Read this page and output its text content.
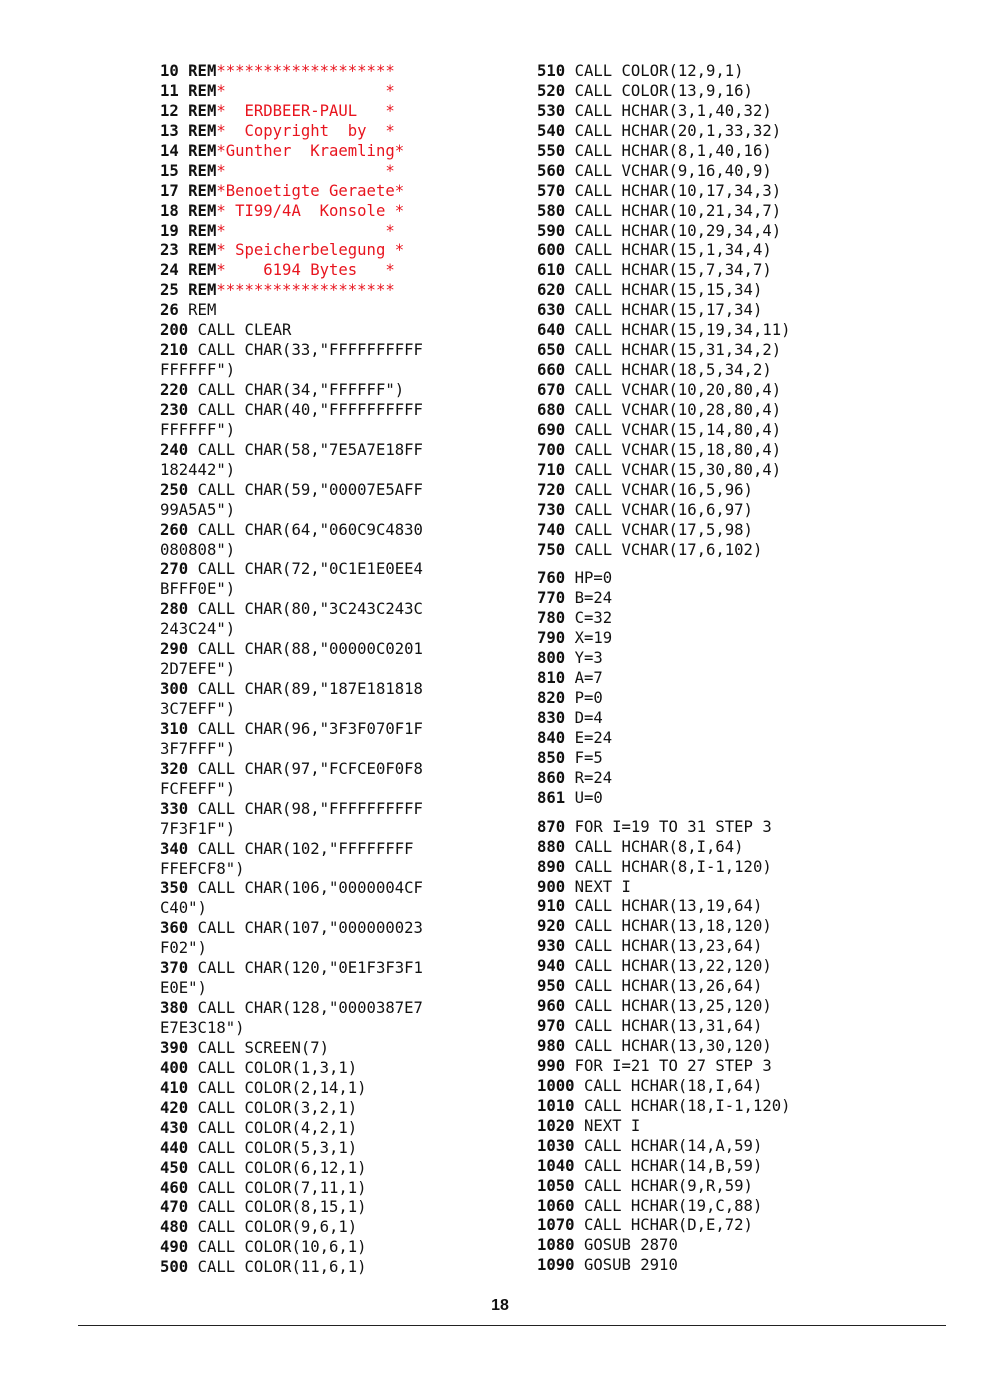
10 REM*******************
11 REM*                 *
12 REM*  ERDBEER-PAUL   *
13 REM*  Copyright  by  *
14 REM*Gunther  Kraemling*
15 REM*                 *
17 REM*Benoetigte Geraete*
18 REM* TI99/4A  Konsole *
19 REM*                 *
23 REM* Speicherbelegung *
24 REM*    6194 Bytes   *
25 REM*******************
26 REM
200 CALL CLEAR
210 CALL CHAR(33,"FFFFFFFFFF
FFFFFF")
220 CALL CHAR(34,"FFFFFF")
230 CALL CHAR(40,"FFFFFFFFFF
FFFFFF")
240 CALL CHAR(58,"7E5A7E18FF
182442")
250 CALL CHAR(59,"00007E5AFF
99A5A5")
260 CALL CHAR(64,"060C9C4830
080808")
270 CALL CHAR(72,"0C1E1E0EE4
BFFF0E")
280 CALL CHAR(80,"3C243C243C
243C24")
290 CALL CHAR(88,"00000C0201
2D7EFE")
300 CALL CHAR(89,"187E181818
3C7EFF")
310 CALL CHAR(96,"3F3F070F1F
3F7FFF")
320 CALL CHAR(97,"FCFCE0F0F8
FCFEFF")
330 CALL CHAR(98,"FFFFFFFFFF
7F3F1F")
340 CALL CHAR(102,"FFFFFFFF
FFEFCF8")
350 CALL CHAR(106,"0000004CF
C40")
360 CALL CHAR(107,"000000023
F02")
370 CALL CHAR(120,"0E1F3F3F1
E0E")
380 CALL CHAR(128,"0000387E7
E7E3C18")
390 CALL SCREEN(7)
400 CALL COLOR(1,3,1)
410 CALL COLOR(2,14,1)
420 CALL COLOR(3,2,1)
430 CALL COLOR(4,2,1)
440 CALL COLOR(5,3,1)
450 CALL COLOR(6,12,1)
460 CALL COLOR(7,11,1)
470 CALL COLOR(8,15,1)
480 CALL COLOR(9,6,1)
490 CALL COLOR(10,6,1)
500 CALL COLOR(11,6,1)
510 CALL COLOR(12,9,1)
520 CALL COLOR(13,9,16)
530 CALL HCHAR(3,1,40,32)
540 CALL HCHAR(20,1,33,32)
550 CALL HCHAR(8,1,40,16)
560 CALL VCHAR(9,16,40,9)
570 CALL HCHAR(10,17,34,3)
580 CALL HCHAR(10,21,34,7)
590 CALL HCHAR(10,29,34,4)
600 CALL HCHAR(15,1,34,4)
610 CALL HCHAR(15,7,34,7)
620 CALL HCHAR(15,15,34)
630 CALL HCHAR(15,17,34)
640 CALL HCHAR(15,19,34,11)
650 CALL HCHAR(15,31,34,2)
660 CALL HCHAR(18,5,34,2)
670 CALL VCHAR(10,20,80,4)
680 CALL VCHAR(10,28,80,4)
690 CALL VCHAR(15,14,80,4)
700 CALL VCHAR(15,18,80,4)
710 CALL VCHAR(15,30,80,4)
720 CALL VCHAR(16,5,96)
730 CALL VCHAR(16,6,97)
740 CALL VCHAR(17,5,98)
750 CALL VCHAR(17,6,102)
760 HP=0
770 B=24
780 C=32
790 X=19
800 Y=3
810 A=7
820 P=0
830 D=4
840 E=24
850 F=5
860 R=24
861 U=0
870 FOR I=19 TO 31 STEP 3
880 CALL HCHAR(8,I,64)
890 CALL HCHAR(8,I-1,120)
900 NEXT I
910 CALL HCHAR(13,19,64)
920 CALL HCHAR(13,18,120)
930 CALL HCHAR(13,23,64)
940 CALL HCHAR(13,22,120)
950 CALL HCHAR(13,26,64)
960 CALL HCHAR(13,25,120)
970 CALL HCHAR(13,31,64)
980 CALL HCHAR(13,30,120)
990 FOR I=21 TO 27 STEP 3
1000 CALL HCHAR(18,I,64)
1010 CALL HCHAR(18,I-1,120)
1020 NEXT I
1030 CALL HCHAR(14,A,59)
1040 CALL HCHAR(14,B,59)
1050 CALL HCHAR(9,R,59)
1060 CALL HCHAR(19,C,88)
1070 CALL HCHAR(D,E,72)
1080 GOSUB 2870
1090 GOSUB 2910
18
